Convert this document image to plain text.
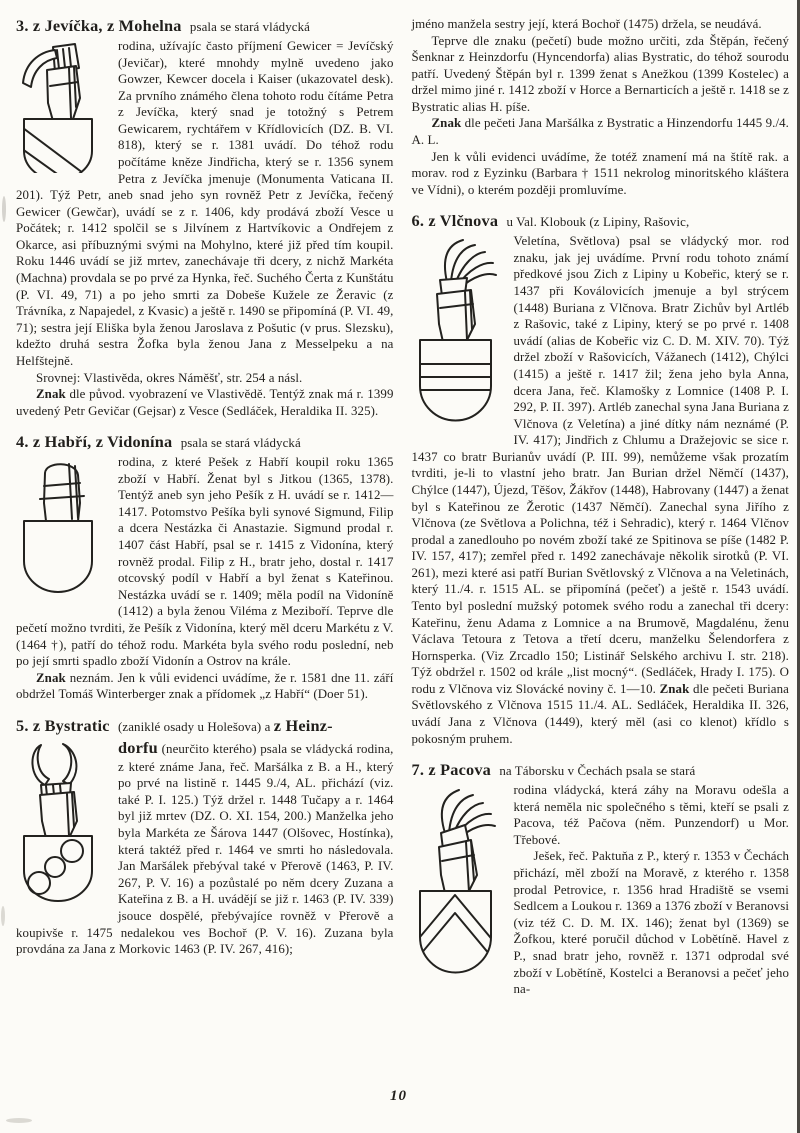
3. z Jevíčka, z Mohelna psala se stará vládycká
rodina, užívajíc často příjmení Gewicer = Jevíčský (Jevičar), které mnohdy mylně uvedeno jako Gowzer, Kewcer docela i Kaiser (ukazovatel desk). Za prvního známého člena tohoto rodu čítáme Petra z Jevíčka, který snad je totožný s Petrem Gewicarem, rychtářem v Křídlovicích (DZ. B. VI. 818), který se r. 1381 uvádí. Do téhož rodu počítáme kněze Jindřicha, který se r. 1356 synem Petra z Jevíčka jmenuje (Monumenta Vaticana II. 201). Týž Petr, aneb snad jeho syn rovněž Petr z Jevíčka, řečený Gewicer (Gewčar), uvádí se z r. 1406, kdy prodává zboží Vesce u Počátek; r. 1412 spolčil se s Jilvínem z Hartvíkovic a Ondřejem z Okarce, asi příbuznými svými na Mohylno, které již před tím koupil. Roku 1446 uvádí se již mrtev, zanechávaje tři dcery, z nichž Markéta (Machna) provdala se po prvé za Hynka, řeč. Suchého Čerta z Kunštátu (P. VI. 49, 71) a po jeho smrti za Dobeše Kužele ze Žeravic (z Trávníka, z Napajedel, z Kvasic) a ještě r. 1490 se připomíná (P. VI. 49, 71); sestra její Eliška byla ženou Jaroslava z Pošutic (v prus. Slezsku), kdežto druhá sestra Žofka byla ženou Jana z Messelpeku a na Helfštejně.

Srovnej: Vlastivěda, okres Náměšť, str. 254 a násl.

Znak dle původ. vyobrazení ve Vlastivědě. Tentýž znak má r. 1399 uvedený Petr Gevičar (Gejsar) z Vesce (Sedláček, Heraldika II. 325).

4. z Habří, z Vidonína psala se stará vládycká
rodina, z které Pešek z Habří koupil roku 1365 zboží v Habří. Ženat byl s Jitkou (1365, 1378). Tentýž aneb syn jeho Pešík z H. uvádí se r. 1412—1417. Potomstvo Pešíka byli synové Sigmund, Filip a dcera Nestázka či Anastazie. Sigmund prodal r. 1407 část Habří, psal se r. 1415 z Vidonína, který rovněž prodal. Filip z H., bratr jeho, dostal r. 1417 otcovský podíl v Habří a byl ženat s Kateřinou. Nestázka uvádí se r. 1409; měla podíl na Vidoníně (1412) a byla ženou Viléma z Meziboří. Teprve dle pečetí možno tvrditi, že Pešík z Vidonína, který měl dceru Markétu z V. (1464 †), patří do téhož rodu. Markéta byla svého rodu poslední, neb po její smrti spadlo zboží Vidonín a Ostrov na krále.

Znak neznám. Jen k vůli evidenci uvádíme, že r. 1581 dne 11. září obdržel Tomáš Winterberger znak a přídomek „z Habří“ (Doer 51).

5. z Bystratic (zaniklé osady u Holešova) a z Heinz-
dorfu (neurčito kterého) psala se vládycká rodina, z které známe Jana, řeč. Maršálka z B. a H., který po prvé na listině r. 1445 9./4, AL. přichází (viz. také P. I. 125.) Týž držel r. 1448 Tučapy a r. 1464 byl již mrtev (DZ. O. XI. 154, 200.) Manželka jeho byla Markéta ze Šárova 1447 (Olšovec, Hostínka), která taktéž před r. 1464 ve smrti ho následovala. Jan Maršálek přebýval také v Přerově (1463, P. IV. 267, P. V. 16) a pozůstalé po něm dcery Zuzana a Kateřina z B. a H. uvádějí se již r. 1463 (P. IV. 339) jsouce dospělé, přebývajíce rovněž v Přerově a koupivše r. 1475 nedalekou ves Bochoř (P. V. 16). Zuzana byla provdána za Jana z Morkovic 1463 (P. IV. 267, 416);

jméno manžela sestry její, která Bochoř (1475) držela, se neudává.

Teprve dle znaku (pečetí) bude možno určiti, zda Štěpán, řečený Šenknar z Heinzdorfu (Hyncendorfa) alias Bystratic, do téhož sourodu patří. Uvedený Štěpán byl r. 1399 ženat s Anežkou (1399 Kostelec) a držel mimo jiné r. 1412 zboží v Horce a Bernarticích a ještě r. 1418 se z Bystratic alias H. píše.

Znak dle pečeti Jana Maršálka z Bystratic a Hinzendorfu 1445 9./4. A. L.

Jen k vůli evidenci uvádíme, že totéž znamení má na štítě rak. a morav. rod z Eyzinku (Barbara † 1511 nekrolog minoritského kláštera ve Vídni), o kterém později promluvíme.

6. z Vlčnova u Val. Klobouk (z Lipiny, Rašovic,
Veletína, Světlova) psal se vládycký mor. rod znaku, jak jej uvádíme. První rodu tohoto známí předkové jsou Zich z Lipiny u Kobeřic, který se r. 1437 při Koválovicích jmenuje a byl strýcem (1448) Buriana z Vlčnova. Bratr Zichův byl Artléb z Rašovic, také z Lipiny, který se po prvé r. 1408 uvádí (alias de Kobeřic viz C. D. M. XIV. 70). Týž držel zboží v Rašovicích, Vážanech (1412), Chýlci (1415) a ještě r. 1417 žil; žena jeho byla Anna, dcera Jana, řeč. Klamošky z Lomnice (1408 P. I. 292, P. II. 397). Artléb zanechal syna Jana Buriana z Vlčnova (z Veletína) a jiné dítky nám neznámé (P. IV. 417); Jindřich z Chlumu a Dražejovic se sice r. 1437 co bratr Burianův uvádí (P. III. 99), nemůžeme však prozatím tvrditi, je-li to vlastní jeho bratr. Jan Burian držel Němčí (1437), Chýlce (1447), Újezd, Těšov, Žákřov (1448), Habrovany (1447) a ženat byl s Kateřinou ze Žerotic (1437 Němčí). Zanechal syna Jiřího z Vlčnova (ze Světlova a Polichna, též i Sehradic), který r. 1464 Vlčnov prodal a zanedlouho po novém zboží také ze Spitinova se píše (1482 P. IV. 157, 417); zemřel před r. 1492 zanechávaje několik sirotků (P. VI. 261), mezi které asi patří Burian Světlovský z Vlčnova a na Veletinách, který 11./4. r. 1515 AL. se připomíná (pečeť) a ještě r. 1543 uvádí. Tento byl poslední mužský potomek svého rodu a zanechal tři dcery: Kateřinu, ženu Adama z Lomnice a na Brumově, Magdalénu, ženu Václava Tetoura z Tetova a třetí dceru, manželku Šelendorfera z Hornsperka. (Viz Zrcadlo 150; Listinář Selského archivu I. str. 218). Týž obdržel r. 1502 od krále „list mocný“. (Sedláček, Hrady I. 175). O rodu z Vlčnova viz Slovácké noviny č. 1—10. Znak dle pečeti Buriana Světlovského z Vlčnova 1515 11./4. AL. Sedláček, Heraldika II. 326, uvádí Jana z Vlčnova (1449), který měl (asi co klenot) křídlo s pokosným pruhem.
7. z Pacova na Táborsku v Čechách psala se stará
rodina vládycká, která záhy na Moravu odešla a která neměla nic společného s těmi, kteří se psali z Pacova, též Pačova (něm. Punzendorf) u Mor. Třebové.

Ješek, řeč. Paktuňa z P., který r. 1353 v Čechách přichází, měl zboží na Moravě, z kterého r. 1358 prodal Petrovice, r. 1356 hrad Hradiště se vsemi Sedlcem a Loukou r. 1369 a 1376 zboží v Beranovsi (viz též C. D. M. IX. 146); ženat byl (1369) se Žofkou, které poručil důchod v Lobětíně. Havel z P., snad bratr jeho, rovněž r. 1371 odprodal své zboží v Lobětíně, Kostelci a Beranovsi a pečeť jeho na-

10
